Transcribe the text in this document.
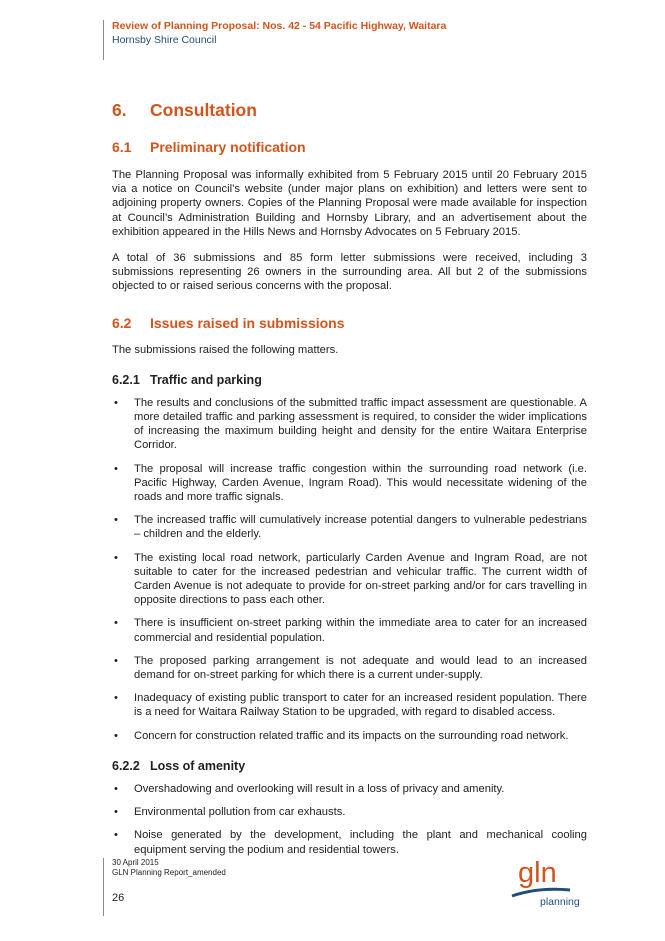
Review of Planning Proposal: Nos. 42 - 54 Pacific Highway, Waitara
Hornsby Shire Council
6.	Consultation
6.1	Preliminary notification

The Planning Proposal was informally exhibited from 5 February 2015 until 20 February 2015 via a notice on Council’s website (under major plans on exhibition) and letters were sent to adjoining property owners. Copies of the Planning Proposal were made available for inspection at Council’s Administration Building and Hornsby Library, and an advertisement about the exhibition appeared in the Hills News and Hornsby Advocates on 5 February 2015.

A total of 36 submissions and 85 form letter submissions were received, including 3 submissions representing 26 owners in the surrounding area. All but 2 of the submissions objected to or raised serious concerns with the proposal.

6.2	Issues raised in submissions

The submissions raised the following matters.

6.2.1 Traffic and parking
• The results and conclusions of the submitted traffic impact assessment are questionable. A more detailed traffic and parking assessment is required, to consider the wider implications of increasing the maximum building height and density for the entire Waitara Enterprise Corridor.
• The proposal will increase traffic congestion within the surrounding road network (i.e. Pacific Highway, Carden Avenue, Ingram Road). This would necessitate widening of the roads and more traffic signals.
• The increased traffic will cumulatively increase potential dangers to vulnerable pedestrians – children and the elderly.
• The existing local road network, particularly Carden Avenue and Ingram Road, are not suitable to cater for the increased pedestrian and vehicular traffic. The current width of Carden Avenue is not adequate to provide for on-street parking and/or for cars travelling in opposite directions to pass each other.
• There is insufficient on-street parking within the immediate area to cater for an increased commercial and residential population.
• The proposed parking arrangement is not adequate and would lead to an increased demand for on-street parking for which there is a current under-supply.
• Inadequacy of existing public transport to cater for an increased resident population. There is a need for Waitara Railway Station to be upgraded, with regard to disabled access.
• Concern for construction related traffic and its impacts on the surrounding road network.
6.2.2 Loss of amenity
• Overshadowing and overlooking will result in a loss of privacy and amenity.
• Environmental pollution from car exhausts.
• Noise generated by the development, including the plant and mechanical cooling equipment serving the podium and residential towers.
30 April 2015
GLN Planning Report_amended
26
gln
planning
